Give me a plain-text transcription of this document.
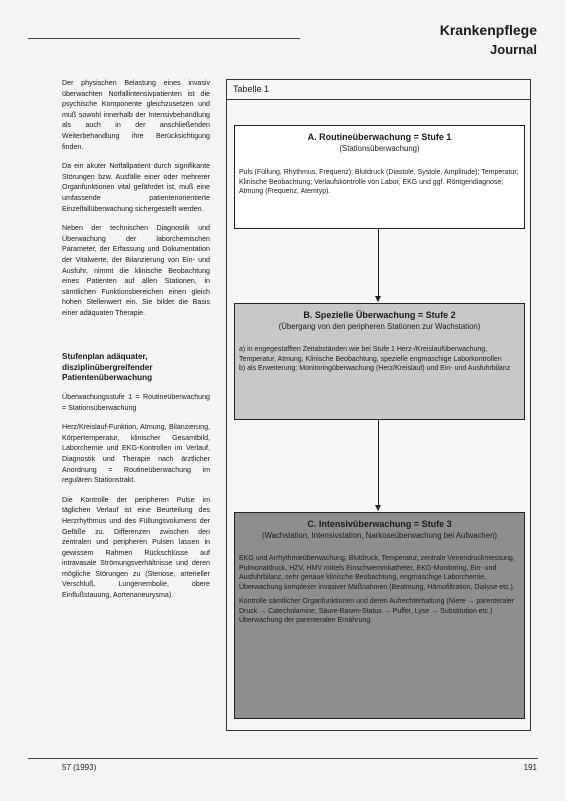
Krankenpflege
Journal

Der physischen Belastung eines invasiv überwachten Notfallintensivpatienten ist die psychische Komponente gleichzusetzen und muß sowohl innerhalb der Intensivbehandlung als auch in der anschließenden Weiterbehandlung ihre Berücksichtigung finden.

Da ein akuter Notfallpatient durch signifikante Störungen bzw. Ausfälle einer oder mehrerer Organfunktionen vital gefährdet ist, muß eine umfassende patientenorientierte Einzelfallüberwachung sichergestellt werden.

Neben der technischen Diagnostik und Überwachung der laborchemischen Parameter, der Erfassung und Dokumentation der Vitalwerte, der Bilanzierung von Ein- und Ausfuhr, nimmt die klinische Beobachtung eines Patienten auf allen Stationen, in sämtlichen Funktionsbereichen einen gleich hohen Stellenwert ein. Sie bildet die Basis einer adäquaten Therapie.

Stufenplan adäquater, disziplinübergreifender Patientenüberwachung

Überwachungsstufe 1 = Routineüberwachung = Stationsüberwachung

Herz/Kreislauf-Funktion, Atmung, Bilanzierung, Körpertemperatur, klinischer Gesamtbild, Laborchemie und EKG-Kontrollen im Verlauf, Diagnostik und Therapie nach ärztlicher Anordnung = Routineüberwachung im regulären Stationstrakt.

Die Kontrolle der peripheren Pulse im täglichen Verlauf ist eine Beurteilung des Herzrhythmus und des Füllungsvolumens der Gefäße zu. Differenzen zwischen den zentralen und peripheren Pulsen lassen in gewissem Rahmen Rückschlüsse auf intravasale Strömungsverhältnisse und deren mögliche Störungen zu (Stenose, arterieller Verschluß, Lungenembolie, obere Einflußstauung, Aortenaneurysma).

Tabelle 1
A. Routineüberwachung = Stufe 1
(Stationsüberwachung)
Puls (Füllung, Rhythmus, Frequenz); Blutdruck (Diastole, Systole, Amplitude); Temperatur; Klinische Beobachtung; Verlaufskontrolle von Labor, EKG und ggf. Röntgendiagnose; Atmung (Frequenz, Atemtyp).
B. Spezielle Überwachung = Stufe 2
(Übergang von den peripheren Stationen zur Wachstation)
a) in engegestafften Zeitabständen wie bei Stufe 1 Herz-/Kreislaufüberwachung, Temperatur, Atmung, Klinische Beobachtung, spezielle engmaschige Laborkontrollen
b) als Erweiterung: Monitoringüberwachung (Herz/Kreislauf) und Ein- und Ausfuhrbilanz
C. Intensivüberwachung = Stufe 3
(Wachstation, Intensivstation, Narkoseüberwachung bei Aufwachen)

EKG und Arrhythmieüberwachung, Blutdruck, Temperatur, zentrale Venendruckmessung, Pulmonaldruck, HZV, HMV mittels Einschwemmkatheter, EKG-Monitoring, Ein- und Ausfuhrbilanz, sehr genaue klinische Beobachtung, engmaschige Laborchemie, Überwachung komplexer invasiver Maßnahmen (Beatmung, Hämofiltration, Dialyse etc.).

Kontrolle sämtlicher Organfunktionen und deren Aufrechterhaltung (Niere → parenteraler Druck → Catecholamine, Säure-Basen-Status → Puffer, Lyse → Substitution etc.) Überwachung der parenteralen Ernährung.

57 (1993)	191
